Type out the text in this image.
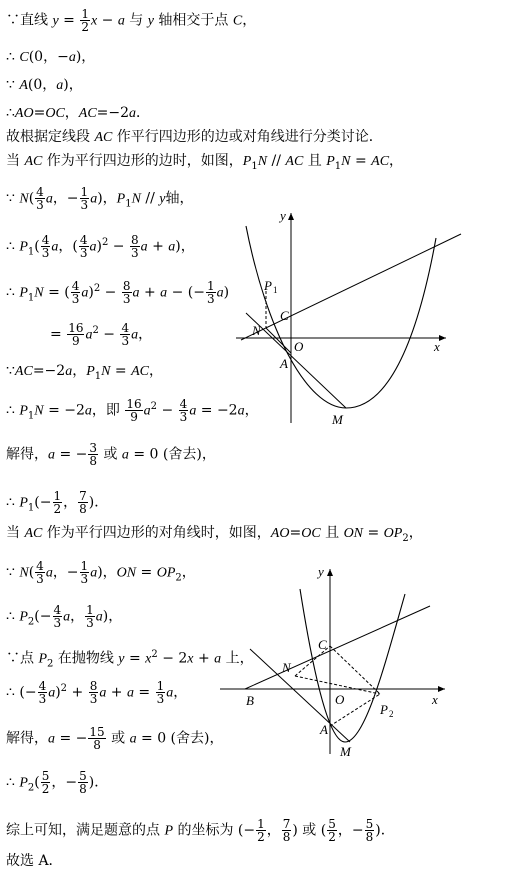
∵直线 $y = \frac{1}{2}$ x − a 与 y 轴相交于点 C，
∴ C(0，−a)，
∵ A(0，a)，
∴AO=OC，AC=−2a．
故根据定线段 AC 作平行四边形的边或对角线进行分类讨论．
当 AC 作为平行四边形的边时，如图，$P_1N$ // AC 且 $P_1N$ = AC，
∵ $N( \frac{4}{3}$ a，− $\frac{1}{3} a$)，$P_1N$ // y轴，
∴ $P_1( \frac{4}{3}$ a，( $\frac{4}{3} a)^2 - \frac{8}{3}$ a + a)，
∴ $P_1N$ = ( $\frac{4}{3} a)^2 - \frac{8}{3}$ a + a − (− $\frac{1}{3} a$)
= $\frac{16}{9} a^2 - \frac{4}{3}$ a，
∵AC=−2a，$P_1N$ = AC，
∴ $P_1N = -2a$，即 $\frac{16}{9} a^2 - \frac{4}{3}$ a = −2a，
解得，a = − $\frac{3}{8}$ 或 a = 0 (舍去)，
∴ $P_1(- \frac{1}{2}$ ， $\frac{7}{8}$ )．
当 AC 作为平行四边形的对角线时，如图，AO=OC 且 ON = $OP_2$，
∵ $N( \frac{4}{3}$ a，− $\frac{1}{3} a$)，ON = $OP_2$，
∴ $P_2(- \frac{4}{3}$ a， $\frac{1}{3} a$)，
∵点 $P_2$ 在抛物线 $y = x^2 - 2x + a$ 上，
∴ (− $\frac{4}{3} a)^2 + \frac{8}{3}$ $a + a = \frac{1}{3}$ a，
解得，a = − $\frac{15}{8}$ 或 a = 0 (舍去)，
∴ $P_2( \frac{5}{2}$ ，− $\frac{5}{8}$ )．
综上可知，满足题意的点 P 的坐标为 (− $\frac{1}{2}$ ， $\frac{7}{8}$ ) 或 ( $\frac{5}{2}$ ，− $\frac{5}{8}$ )．
故选 A．
y
x
P 1
C
N
O
A
M
y
x
C
N
O
B
A
M
P 2
